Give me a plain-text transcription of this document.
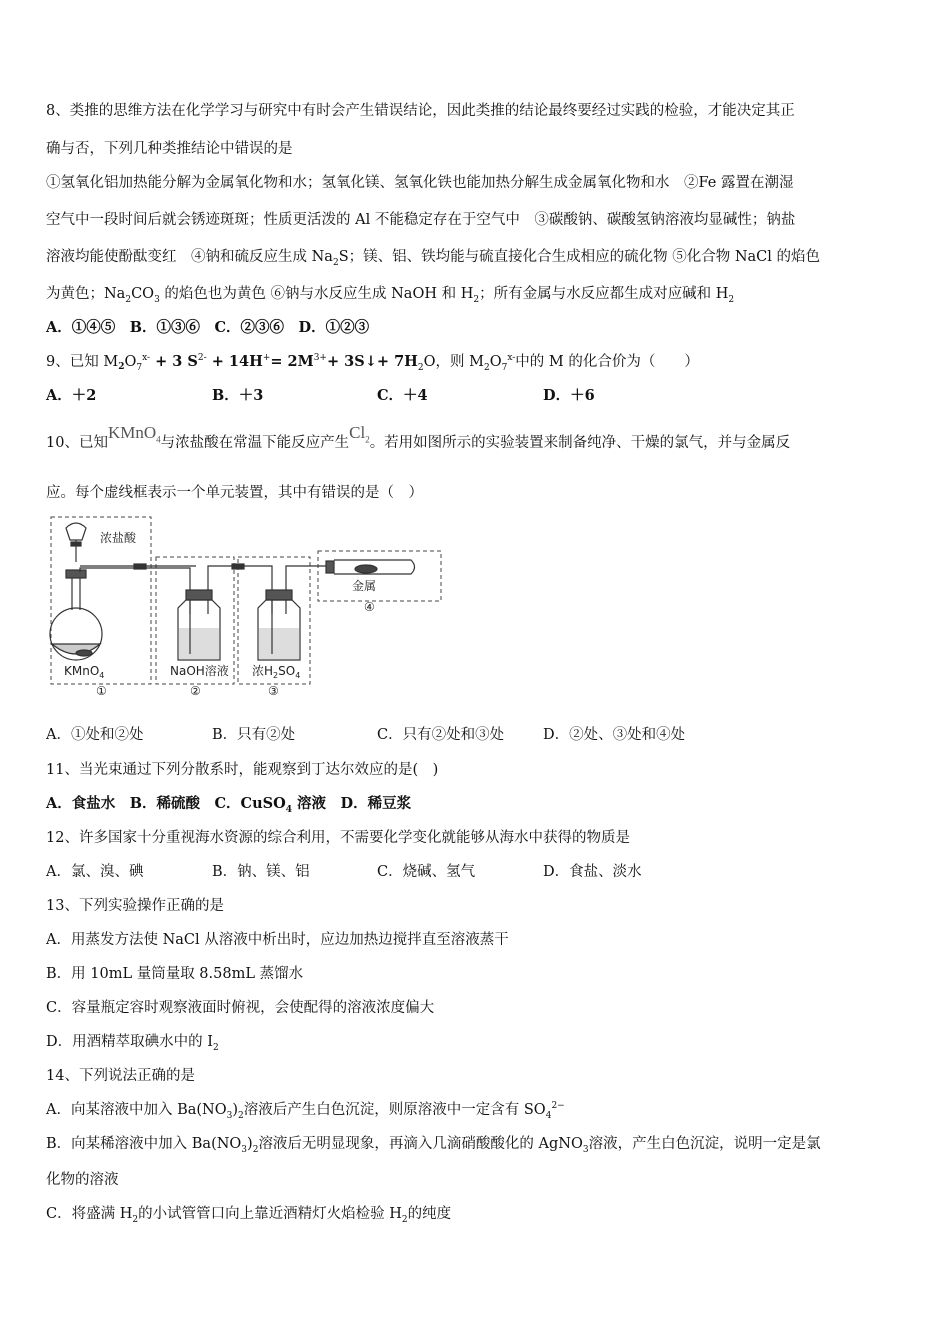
8、类推的思维方法在化学学习与研究中有时会产生错误结论，因此类推的结论最终要经过实践的检验，才能决定其正
确与否，下列几种类推结论中错误的是
①氢氧化铝加热能分解为金属氧化物和水；氢氧化镁、氢氧化铁也能加热分解生成金属氧化物和水　②Fe 露置在潮湿
空气中一段时间后就会锈迹斑斑；性质更活泼的 Al 不能稳定存在于空气中　③碳酸钠、碳酸氢钠溶液均显碱性；钠盐
溶液均能使酚酞变红　④钠和硫反应生成 $Na_2S$；镁、铝、铁均能与硫直接化合生成相应的硫化物 ⑤化合物 NaCl 的焰色
为黄色；$Na_2CO_3$ 的焰色也为黄色 ⑥钠与水反应生成 NaOH 和 $H_2$；所有金属与水反应都生成对应碱和 $H_2$
A．①④⑤　B．①③⑥　C．②③⑥　D．①②③
9、已知 $M_2O_7^{x-} + 3$ $S^{2-} + 14H^+= 2M^{3+}+$ 3S↓+ $7H_2O$，则 $M_2O_7^{x-}$中的 M 的化合价为（　　）
A．＋2	B．＋3	C．＋4	D．＋6
10、已知KMnO$_4$与浓盐酸在常温下能反应产生$Cl_2$。若用如图所示的实验装置来制备纯净、干燥的氯气，并与金属反
应。每个虚线框表示一个单元装置，其中有错误的是（　）
浓盐酸
KMnO$_4$	NaOH溶液 浓$H_2SO_4$
金属
①	②	③
④
A．①处和②处	B．只有②处	C．只有②处和③处	D．②处、③处和④处
11、当光束通过下列分散系时，能观察到丁达尔效应的是(　)
A．食盐水　B．稀硫酸　C．CuSO$_4$ 溶液　D．稀豆浆
12、许多国家十分重视海水资源的综合利用，不需要化学变化就能够从海水中获得的物质是
A．氯、溴、碘	B．钠、镁、铝	C．烧碱、氢气	D．食盐、淡水
13、下列实验操作正确的是
A．用蒸发方法使 NaCl 从溶液中析出时，应边加热边搅拌直至溶液蒸干
B．用 10mL 量筒量取 8.58mL 蒸馏水
C．容量瓶定容时观察液面时俯视，会使配得的溶液浓度偏大
D．用酒精萃取碘水中的 $I_2$
14、下列说法正确的是
A．向某溶液中加入 $Ba(NO_3)_2$溶液后产生白色沉淀，则原溶液中一定含有 $SO_4^{2-}$
B．向某稀溶液中加入 $Ba(NO_3)_2$溶液后无明显现象，再滴入几滴硝酸酸化的 AgNO$_3$溶液，产生白色沉淀，说明一定是氯
化物的溶液
C．将盛满 $H_2$的小试管管口向上靠近酒精灯火焰检验 $H_2$的纯度
